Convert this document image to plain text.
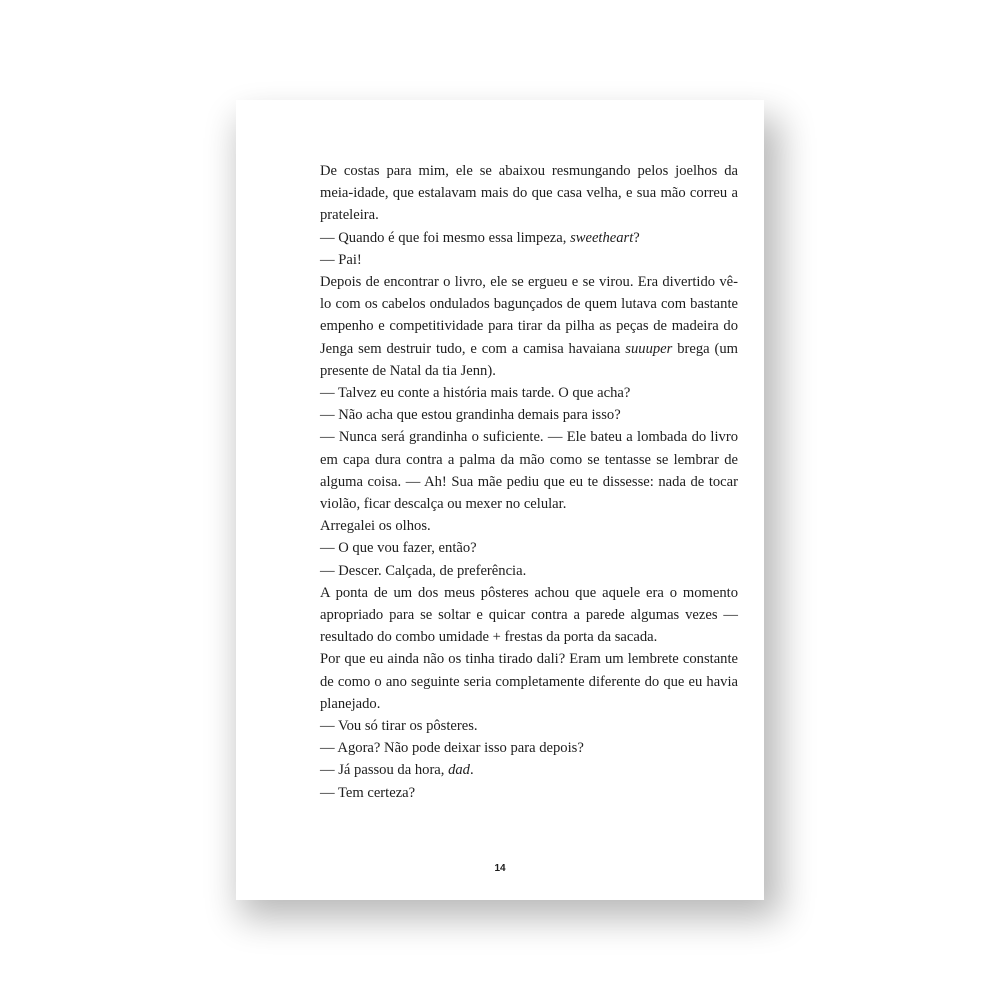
De costas para mim, ele se abaixou resmungando pelos joelhos da meia-idade, que estalavam mais do que casa velha, e sua mão correu a prateleira.

— Quando é que foi mesmo essa limpeza, sweetheart?

— Pai!

Depois de encontrar o livro, ele se ergueu e se virou. Era divertido vê-lo com os cabelos ondulados bagunçados de quem lutava com bastante empenho e competitividade para tirar da pilha as peças de madeira do Jenga sem destruir tudo, e com a camisa havaiana suuuper brega (um presente de Natal da tia Jenn).

— Talvez eu conte a história mais tarde. O que acha?

— Não acha que estou grandinha demais para isso?

— Nunca será grandinha o suficiente. — Ele bateu a lombada do livro em capa dura contra a palma da mão como se tentasse se lembrar de alguma coisa. — Ah! Sua mãe pediu que eu te dissesse: nada de tocar violão, ficar descalça ou mexer no celular.

Arregalei os olhos.

— O que vou fazer, então?

— Descer. Calçada, de preferência.

A ponta de um dos meus pôsteres achou que aquele era o momento apropriado para se soltar e quicar contra a parede algumas vezes — resultado do combo umidade + frestas da porta da sacada.

Por que eu ainda não os tinha tirado dali? Eram um lembrete constante de como o ano seguinte seria completamente diferente do que eu havia planejado.

— Vou só tirar os pôsteres.

— Agora? Não pode deixar isso para depois?

— Já passou da hora, dad.

— Tem certeza?

14
